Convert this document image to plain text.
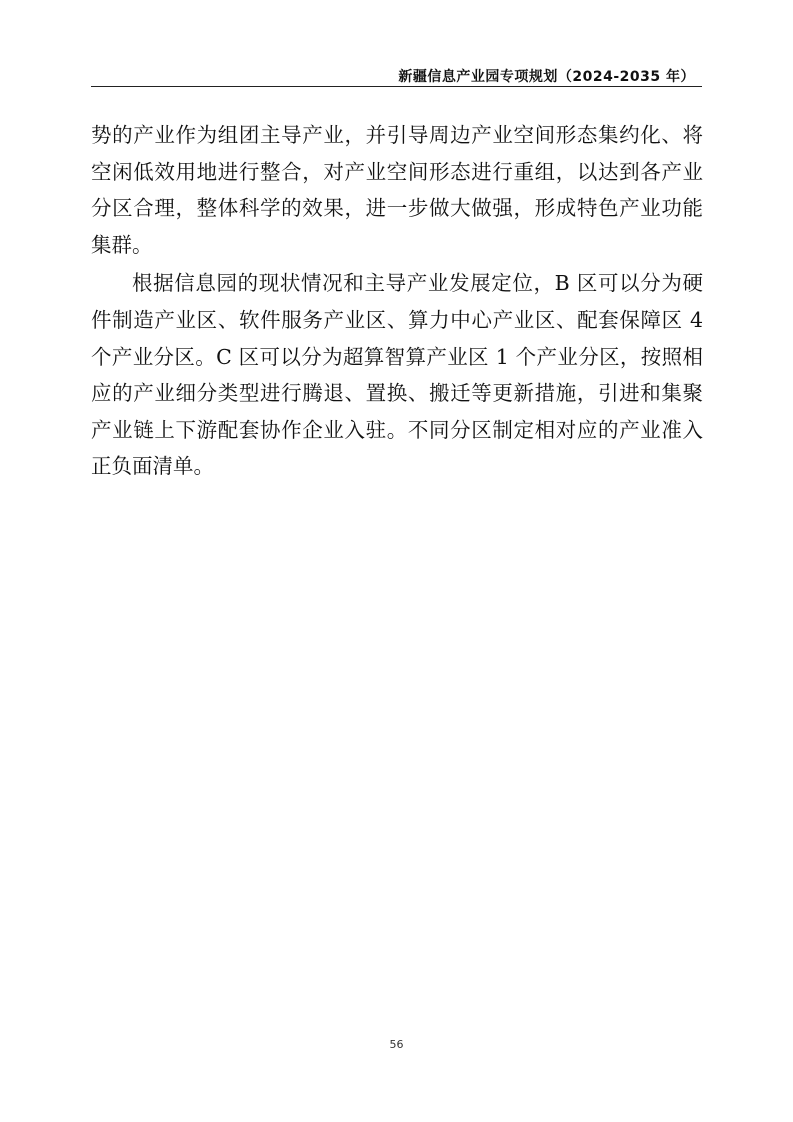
新疆信息产业园专项规划（2024-2035 年）
势的产业作为组团主导产业，并引导周边产业空间形态集约化、将
空闲低效用地进行整合，对产业空间形态进行重组，以达到各产业
分区合理，整体科学的效果，进一步做大做强，形成特色产业功能
集群。
根据信息园的现状情况和主导产业发展定位，B 区可以分为硬
件制造产业区、软件服务产业区、算力中心产业区、配套保障区 4
个产业分区。C 区可以分为超算智算产业区 1 个产业分区，按照相
应的产业细分类型进行腾退、置换、搬迁等更新措施，引进和集聚
产业链上下游配套协作企业入驻。不同分区制定相对应的产业准入
正负面清单。
56
